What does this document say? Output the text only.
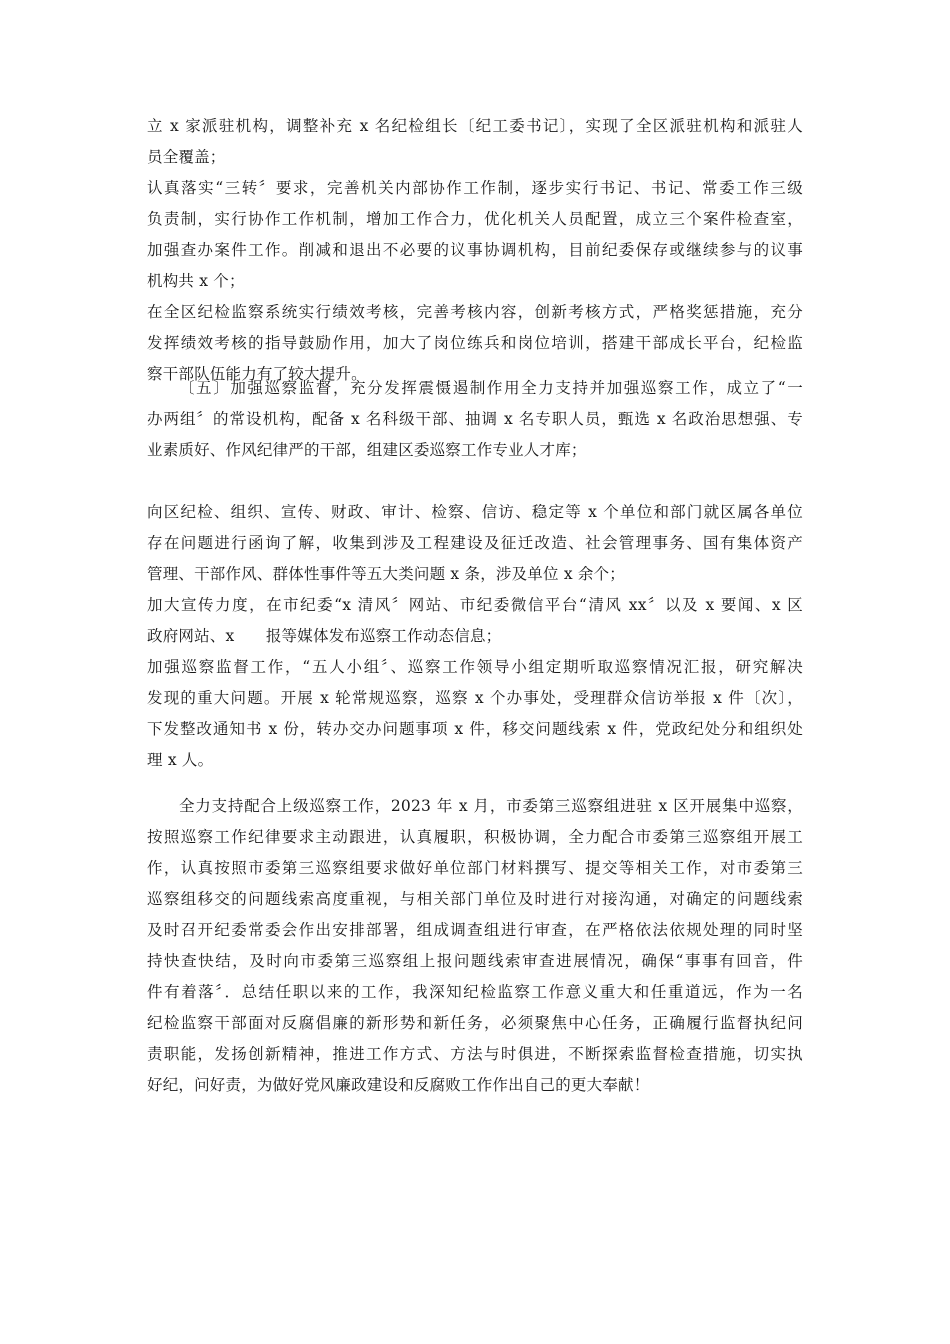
立 x 家派驻机构，调整补充 x 名纪检组长〔纪工委书记〕，实现了全区派驻机构和派驻人
员全覆盖；
认真落实“三转〞要求，完善机关内部协作工作制，逐步实行书记、书记、常委工作三级
负责制，实行协作工作机制，增加工作合力，优化机关人员配置，成立三个案件检查室，
加强查办案件工作。削减和退出不必要的议事协调机构，目前纪委保存或继续参与的议事
机构共 x 个；
在全区纪检监察系统实行绩效考核，完善考核内容，创新考核方式，严格奖惩措施，充分
发挥绩效考核的指导鼓励作用，加大了岗位练兵和岗位培训，搭建干部成长平台，纪检监
察干部队伍能力有了较大提升。
〔五〕加强巡察监督，充分发挥震慑遏制作用全力支持并加强巡察工作，成立了“一
办两组〞的常设机构，配备 x 名科级干部、抽调 x 名专职人员，甄选 x 名政治思想强、专
业素质好、作风纪律严的干部，组建区委巡察工作专业人才库；
向区纪检、组织、宣传、财政、审计、检察、信访、稳定等 x 个单位和部门就区属各单位
存在问题进行函询了解，收集到涉及工程建设及征迁改造、社会管理事务、国有集体资产
管理、干部作风、群体性事件等五大类问题 x 条，涉及单位 x 余个；
加大宣传力度，在市纪委“x 清风〞网站、市纪委微信平台“清风 xx〞以及 x 要闻、x 区
政府网站、x　　报等媒体发布巡察工作动态信息；
加强巡察监督工作，“五人小组〞、巡察工作领导小组定期听取巡察情况汇报，研究解决
发现的重大问题。开展 x 轮常规巡察，巡察 x 个办事处，受理群众信访举报 x 件〔次〕，
下发整改通知书 x 份，转办交办问题事项 x 件，移交问题线索 x 件，党政纪处分和组织处
理 x 人。
全力支持配合上级巡察工作，2023 年 x 月，市委第三巡察组进驻 x 区开展集中巡察，
按照巡察工作纪律要求主动跟进，认真履职，积极协调，全力配合市委第三巡察组开展工
作，认真按照市委第三巡察组要求做好单位部门材料撰写、提交等相关工作，对市委第三
巡察组移交的问题线索高度重视，与相关部门单位及时进行对接沟通，对确定的问题线索
及时召开纪委常委会作出安排部署，组成调查组进行审查，在严格依法依规处理的同时坚
持快查快结，及时向市委第三巡察组上报问题线索审查进展情况，确保“事事有回音，件
件有着落〞．总结任职以来的工作，我深知纪检监察工作意义重大和任重道远，作为一名
纪检监察干部面对反腐倡廉的新形势和新任务，必须聚焦中心任务，正确履行监督执纪问
责职能，发扬创新精神，推进工作方式、方法与时俱进，不断探索监督检查措施，切实执
好纪，问好责，为做好党风廉政建设和反腐败工作作出自己的更大奉献！
